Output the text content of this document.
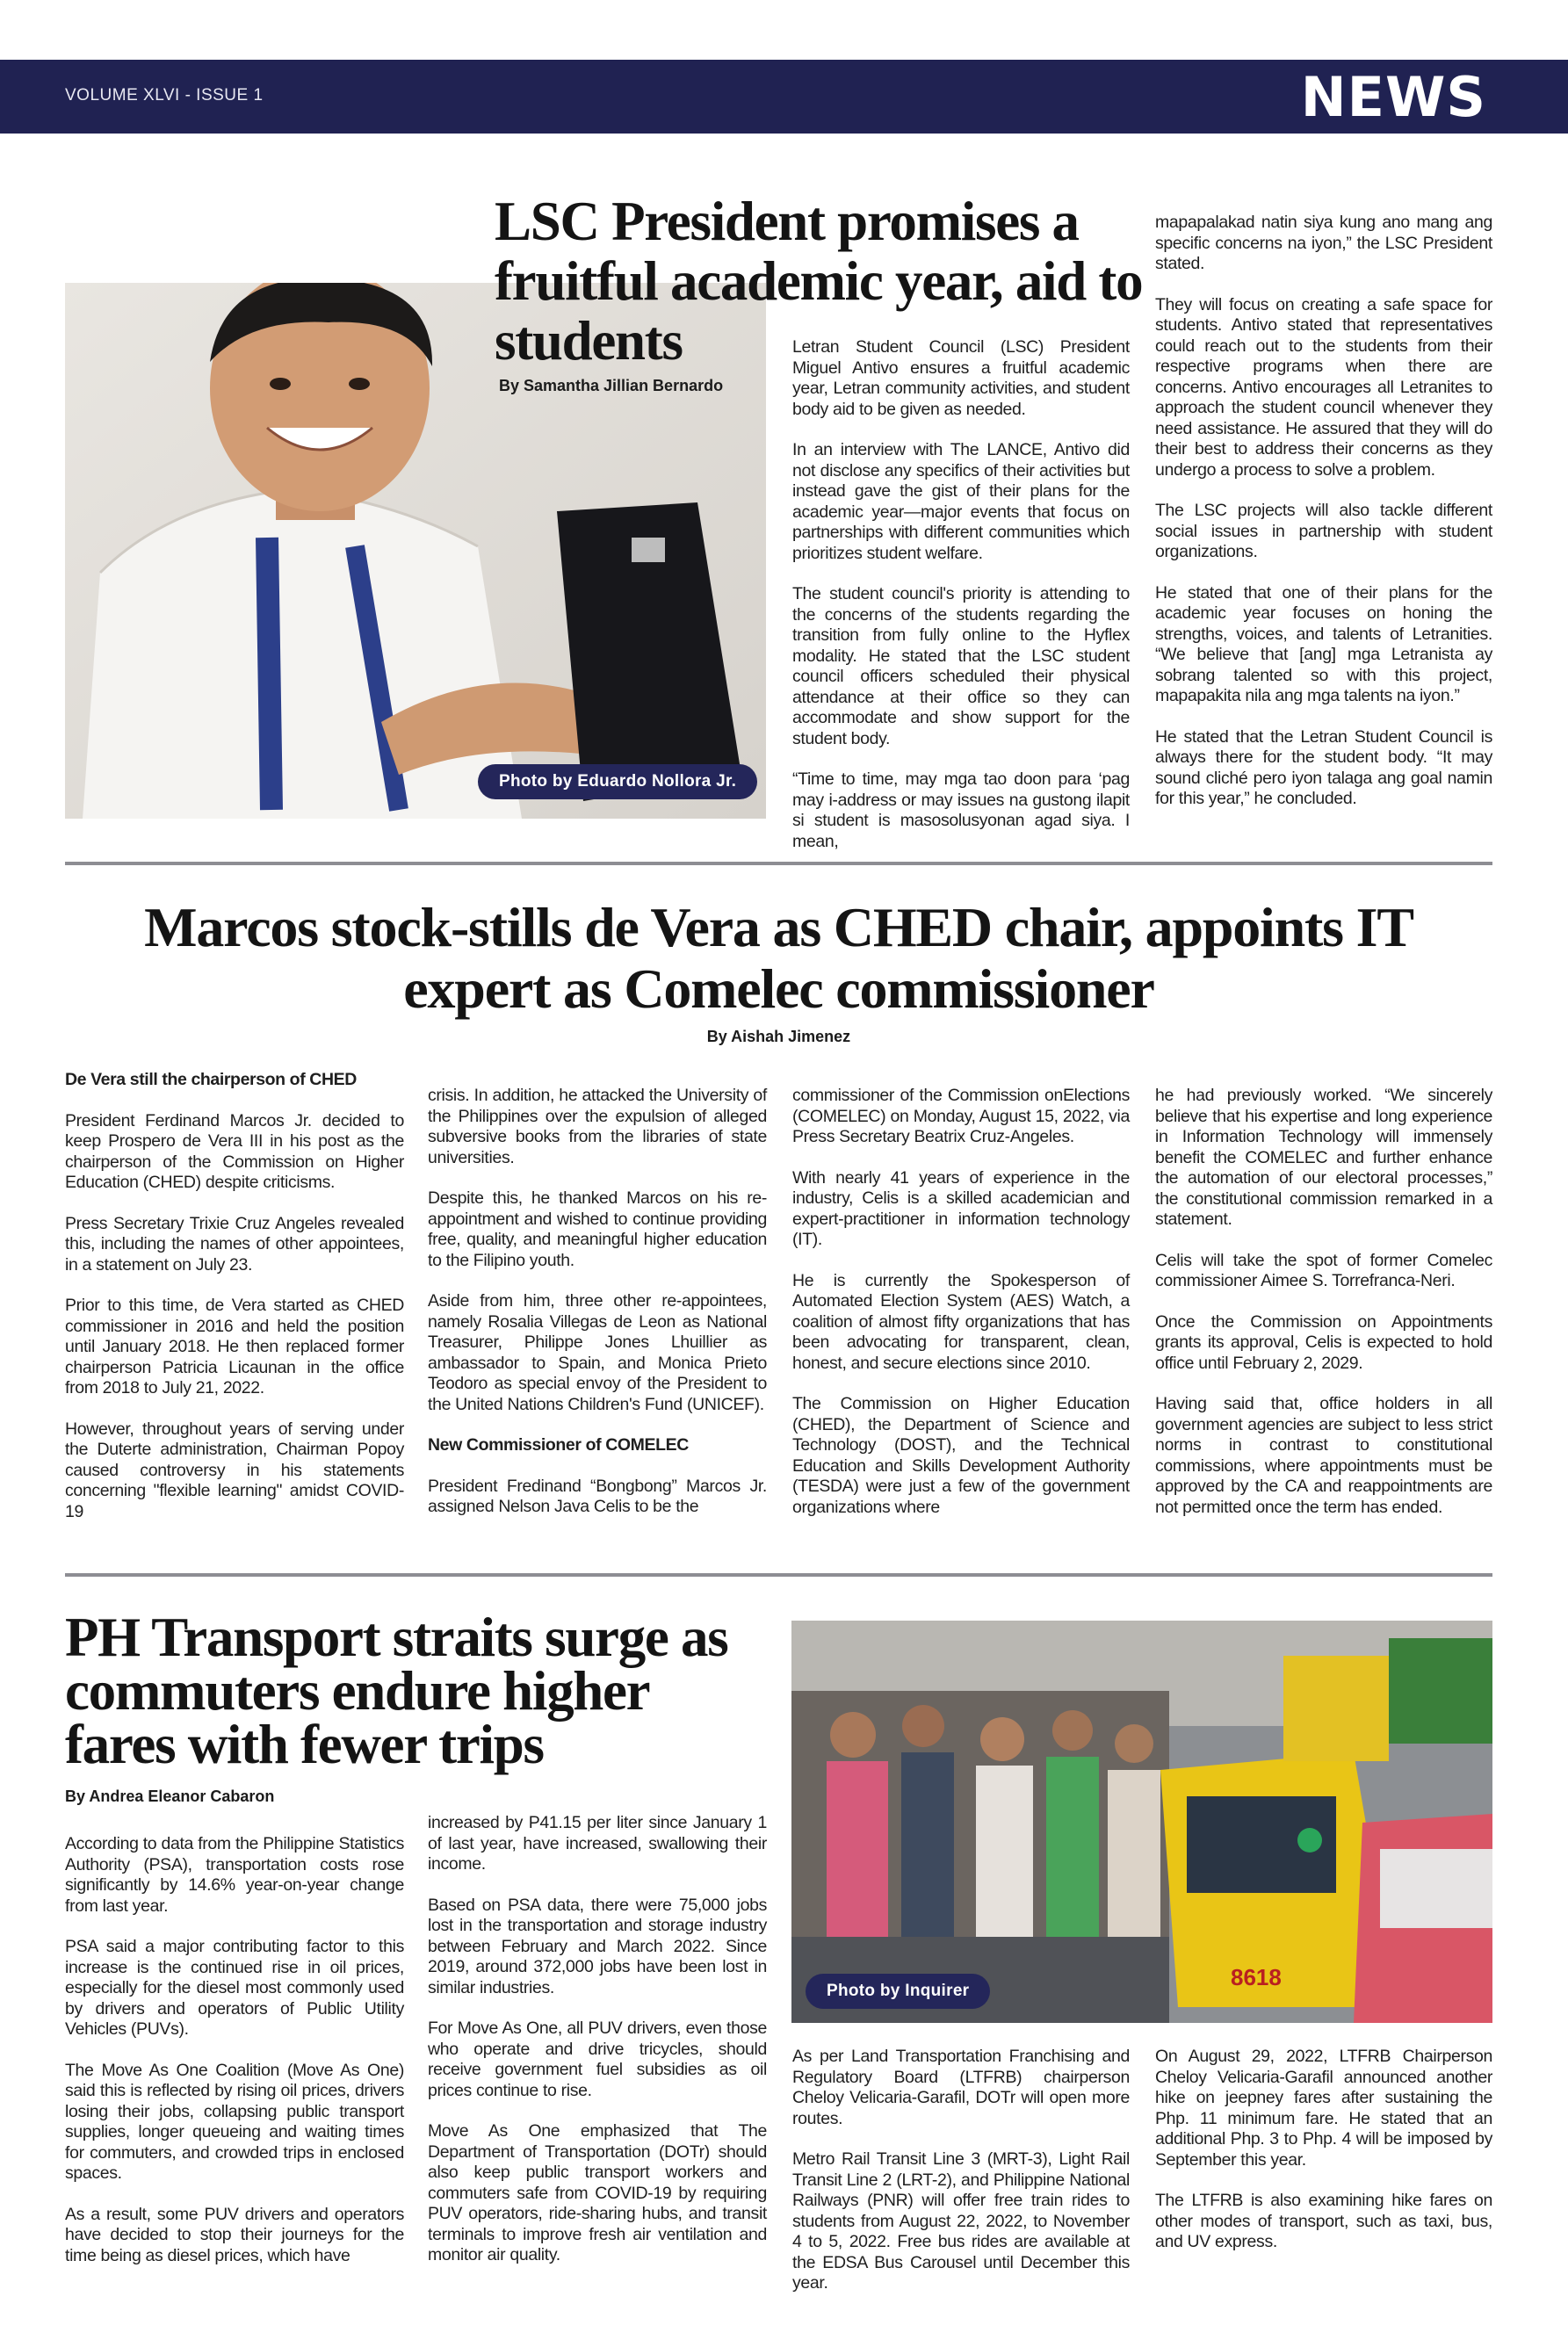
VOLUME XLVI - ISSUE 1	NEWS
Photo by Eduardo Nollora Jr.
LSC President promises a fruitful academic year, aid to students
By Samantha Jillian Bernardo

Letran Student Council (LSC) President Miguel Antivo ensures a fruitful academic year, Letran community activities, and student body aid to be given as needed.

In an interview with The LANCE, Antivo did not disclose any specifics of their activities but instead gave the gist of their plans for the academic year—major events that focus on partnerships with different communities which prioritizes student welfare.

The student council's priority is attending to the concerns of the students regarding the transition from fully online to the Hyflex modality. He stated that the LSC student council officers scheduled their physical attendance at their office so they can accommodate and show support for the student body.

“Time to time, may mga tao doon para ‘pag may i-address or may issues na gustong ilapit si student is masosolusyonan agad siya. I mean,

mapapalakad natin siya kung ano mang ang specific concerns na iyon,” the LSC President stated.

They will focus on creating a safe space for students. Antivo stated that representatives could reach out to the students from their respective programs when there are concerns. Antivo encourages all Letranites to approach the student council whenever they need assistance. He assured that they will do their best to address their concerns as they undergo a process to solve a problem.

The LSC projects will also tackle different social issues in partnership with student organizations.

He stated that one of their plans for the academic year focuses on honing the strengths, voices, and talents of Letranities. “We believe that [ang] mga Letranista ay sobrang talented so with this project, mapapakita nila ang mga talents na iyon.”

He stated that the Letran Student Council is always there for the student body. “It may sound cliché pero iyon talaga ang goal namin for this year,” he concluded.

Marcos stock-stills de Vera as CHED chair, appoints IT
expert as Comelec commissioner
By Aishah Jimenez

De Vera still the chairperson of CHED

President Ferdinand Marcos Jr. decided to keep Prospero de Vera III in his post as the chairperson of the Commission on Higher Education (CHED) despite criticisms.

Press Secretary Trixie Cruz Angeles revealed this, including the names of other appointees, in a statement on July 23.

Prior to this time, de Vera started as CHED commissioner in 2016 and held the position until January 2018. He then replaced former chairperson Patricia Licaunan in the office from 2018 to July 21, 2022.

However, throughout years of serving under the Duterte administration, Chairman Popoy caused controversy in his statements concerning "flexible learning" amidst COVID-19

crisis. In addition, he attacked the University of the Philippines over the expulsion of alleged subversive books from the libraries of state universities.

Despite this, he thanked Marcos on his re-appointment and wished to continue providing free, quality, and meaningful higher education to the Filipino youth.

Aside from him, three other re-appointees, namely Rosalia Villegas de Leon as National Treasurer, Philippe Jones Lhuillier as ambassador to Spain, and Monica Prieto Teodoro as special envoy of the President to the United Nations Children's Fund (UNICEF).

New Commissioner of COMELEC

President Fredinand “Bongbong” Marcos Jr. assigned Nelson Java Celis to be the

commissioner of the Commission onElections (COMELEC) on Monday, August 15, 2022, via Press Secretary Beatrix Cruz-Angeles.

With nearly 41 years of experience in the industry, Celis is a skilled academician and expert-practitioner in information technology (IT).

He is currently the Spokesperson of Automated Election System (AES) Watch, a coalition of almost fifty organizations that has been advocating for transparent, clean, honest, and secure elections since 2010.

The Commission on Higher Education (CHED), the Department of Science and Technology (DOST), and the Technical Education and Skills Development Authority (TESDA) were just a few of the government organizations where

he had previously worked. “We sincerely believe that his expertise and long experience in Information Technology will immensely benefit the COMELEC and further enhance the automation of our electoral processes,” the constitutional commission remarked in a statement.

Celis will take the spot of former Comelec commissioner Aimee S. Torrefranca-Neri.

Once the Commission on Appointments grants its approval, Celis is expected to hold office until February 2, 2029.

Having said that, office holders in all government agencies are subject to less strict norms in contrast to constitutional commissions, where appointments must be approved by the CA and reappointments are not permitted once the term has ended.

PH Transport straits surge as commuters endure higher fares with fewer trips
By Andrea Eleanor Cabaron
8618
Photo by Inquirer

According to data from the Philippine Statistics Authority (PSA), transportation costs rose significantly by 14.6% year-on-year change from last year.

PSA said a major contributing factor to this increase is the continued rise in oil prices, especially for the diesel most commonly used by drivers and operators of Public Utility Vehicles (PUVs).

The Move As One Coalition (Move As One) said this is reflected by rising oil prices, drivers losing their jobs, collapsing public transport supplies, longer queueing and waiting times for commuters, and crowded trips in enclosed spaces.

As a result, some PUV drivers and operators have decided to stop their journeys for the time being as diesel prices, which have

increased by P41.15 per liter since January 1 of last year, have increased, swallowing their income.

Based on PSA data, there were 75,000 jobs lost in the transportation and storage industry between February and March 2022. Since 2019, around 372,000 jobs have been lost in similar industries.

For Move As One, all PUV drivers, even those who operate and drive tricycles, should receive government fuel subsidies as oil prices continue to rise.

Move As One emphasized that The Department of Transportation (DOTr) should also keep public transport workers and commuters safe from COVID-19 by requiring PUV operators, ride-sharing hubs, and transit terminals to improve fresh air ventilation and monitor air quality.

As per Land Transportation Franchising and Regulatory Board (LTFRB) chairperson Cheloy Velicaria-Garafil, DOTr will open more routes.

Metro Rail Transit Line 3 (MRT-3), Light Rail Transit Line 2 (LRT-2), and Philippine National Railways (PNR) will offer free train rides to students from August 22, 2022, to November 4 to 5, 2022. Free bus rides are available at the EDSA Bus Carousel until December this year.

On August 29, 2022, LTFRB Chairperson Cheloy Velicaria-Garafil announced another hike on jeepney fares after sustaining the Php. 11 minimum fare. He stated that an additional Php. 3 to Php. 4 will be imposed by September this year.

The LTFRB is also examining hike fares on other modes of transport, such as taxi, bus, and UV express.
